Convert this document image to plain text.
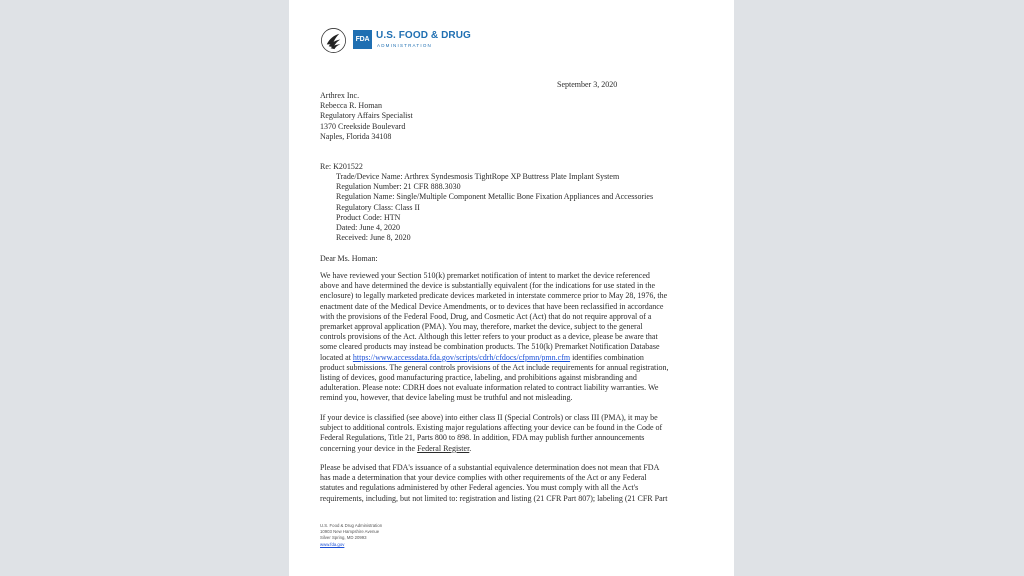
FDA U.S. FOOD & DRUG
ADMINISTRATION
September 3, 2020
Arthrex Inc.
Rebecca R. Homan
Regulatory Affairs Specialist
1370 Creekside Boulevard
Naples, Florida 34108
Re: K201522
Trade/Device Name: Arthrex Syndesmosis TightRope XP Buttress Plate Implant System
Regulation Number: 21 CFR 888.3030
Regulation Name: Single/Multiple Component Metallic Bone Fixation Appliances and Accessories
Regulatory Class: Class II
Product Code: HTN
Dated: June 4, 2020
Received: June 8, 2020
Dear Ms. Homan:
We have reviewed your Section 510(k) premarket notification of intent to market the device referenced
above and have determined the device is substantially equivalent (for the indications for use stated in the
enclosure) to legally marketed predicate devices marketed in interstate commerce prior to May 28, 1976, the
enactment date of the Medical Device Amendments, or to devices that have been reclassified in accordance
with the provisions of the Federal Food, Drug, and Cosmetic Act (Act) that do not require approval of a
premarket approval application (PMA). You may, therefore, market the device, subject to the general
controls provisions of the Act. Although this letter refers to your product as a device, please be aware that
some cleared products may instead be combination products. The 510(k) Premarket Notification Database
located at https://www.accessdata.fda.gov/scripts/cdrh/cfdocs/cfpmn/pmn.cfm identifies combination
product submissions. The general controls provisions of the Act include requirements for annual registration,
listing of devices, good manufacturing practice, labeling, and prohibitions against misbranding and
adulteration. Please note: CDRH does not evaluate information related to contract liability warranties. We
remind you, however, that device labeling must be truthful and not misleading.
If your device is classified (see above) into either class II (Special Controls) or class III (PMA), it may be
subject to additional controls. Existing major regulations affecting your device can be found in the Code of
Federal Regulations, Title 21, Parts 800 to 898. In addition, FDA may publish further announcements
concerning your device in the Federal Register.
Please be advised that FDA's issuance of a substantial equivalence determination does not mean that FDA
has made a determination that your device complies with other requirements of the Act or any Federal
statutes and regulations administered by other Federal agencies. You must comply with all the Act's
requirements, including, but not limited to: registration and listing (21 CFR Part 807); labeling (21 CFR Part
U.S. Food & Drug Administration
10903 New Hampshire Avenue
Silver Spring, MD 20993
www.fda.gov
